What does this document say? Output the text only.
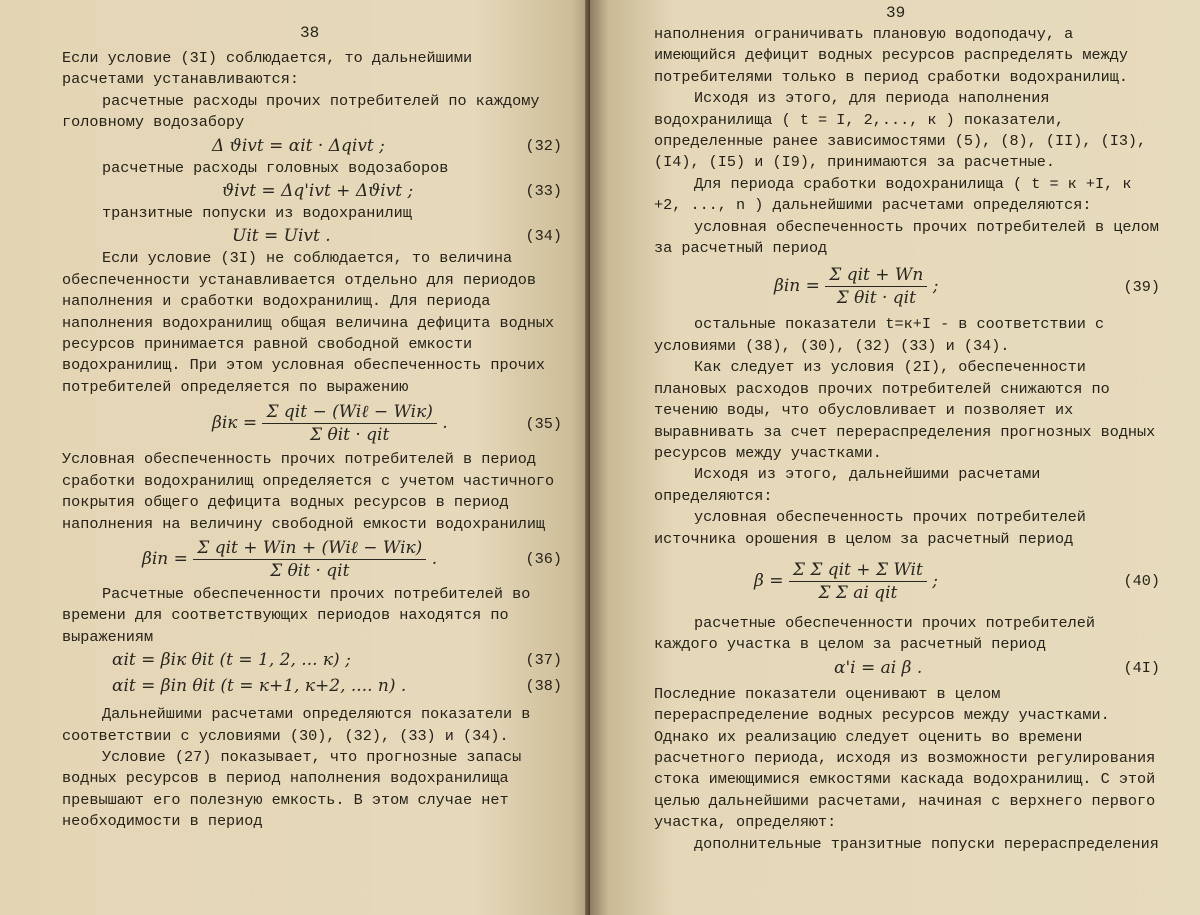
38

Если условие (3I) соблюдается, то дальнейшими расчетами устанавливаются:

расчетные расходы прочих потребителей по каждому головному водозабору

Δ ϑivt = αit · Δqivt ;	(32)

расчетные расходы головных водозаборов

ϑivt = Δq'ivt + Δϑivt ;	(33)

транзитные попуски из водохранилищ

Uit = Uivt .	(34)

Если условие (3I) не соблюдается, то величина обеспеченности устанавливается отдельно для периодов наполнения и сработки водохранилищ. Для периода наполнения водохранилищ общая величина дефицита водных ресурсов принимается равной свободной емкости водохранилищ. При этом условная обеспеченность прочих потребителей определяется по выражению

$\beta iк = \frac{\text{Σ qit − (Wiℓ − Wiк)}}{\text{Σ θit · qit}}$ .	(35)

Условная обеспеченность прочих потребителей в период сработки водохранилищ определяется с учетом частичного покрытия общего дефицита водных ресурсов в период наполнения на величину свободной емкости водохранилищ

$\beta in = \frac{\text{Σ qit + Win + (Wiℓ − Wiк)}}{\text{Σ θit · qit}}$ .	(36)

Расчетные обеспеченности прочих потребителей во времени для соответствующих периодов находятся по выражениям

αit = βiк θit (t = 1, 2, ... к) ;	(37)
αit = βin θit (t = к+1, к+2, .... n) .	(38)

Дальнейшими расчетами определяются показатели в соответствии с условиями (30), (32), (33) и (34).

Условие (27) показывает, что прогнозные запасы водных ресурсов в период наполнения водохранилища превышают его полезную емкость. В этом случае нет необходимости в период

39

наполнения ограничивать плановую водоподачу, а имеющийся дефицит водных ресурсов распределять между потребителями только в период сработки водохранилищ.

Исходя из этого, для периода наполнения водохранилища ( t = I, 2,..., к ) показатели, определенные ранее зависимостями (5), (8), (II), (I3), (I4), (I5) и (I9), принимаются за расчетные.

Для периода сработки водохранилища ( t = к +I, к +2, ..., n ) дальнейшими расчетами определяются:

условная обеспеченность прочих потребителей в целом за расчетный период

$\beta in = \frac{\text{Σ qit + Wn}}{\text{Σ θit · qit}}$ ;	(39)

остальные показатели t=к+I - в соответствии с условиями (38), (30), (32) (33) и (34).

Как следует из условия (2I), обеспеченности плановых расходов прочих потребителей снижаются по течению воды, что обусловливает и позволяет их выравнивать за счет перераспределения прогнозных водных ресурсов между участками.

Исходя из этого, дальнейшими расчетами определяются:

условная обеспеченность прочих потребителей источника орошения в целом за расчетный период

$\beta = \frac{\text{Σ Σ qit + Σ Wit}}{\text{Σ Σ ai qit}}$ ;	(40)

расчетные обеспеченности прочих потребителей каждого участка в целом за расчетный период

α'i = ai β .	(4I)

Последние показатели оценивают в целом перераспределение водных ресурсов между участками. Однако их реализацию следует оценить во времени расчетного периода, исходя из возможности регулирования стока имеющимися емкостями каскада водохранилищ. С этой целью дальнейшими расчетами, начиная с верхнего первого участка, определяют:

дополнительные транзитные попуски перераспределения
